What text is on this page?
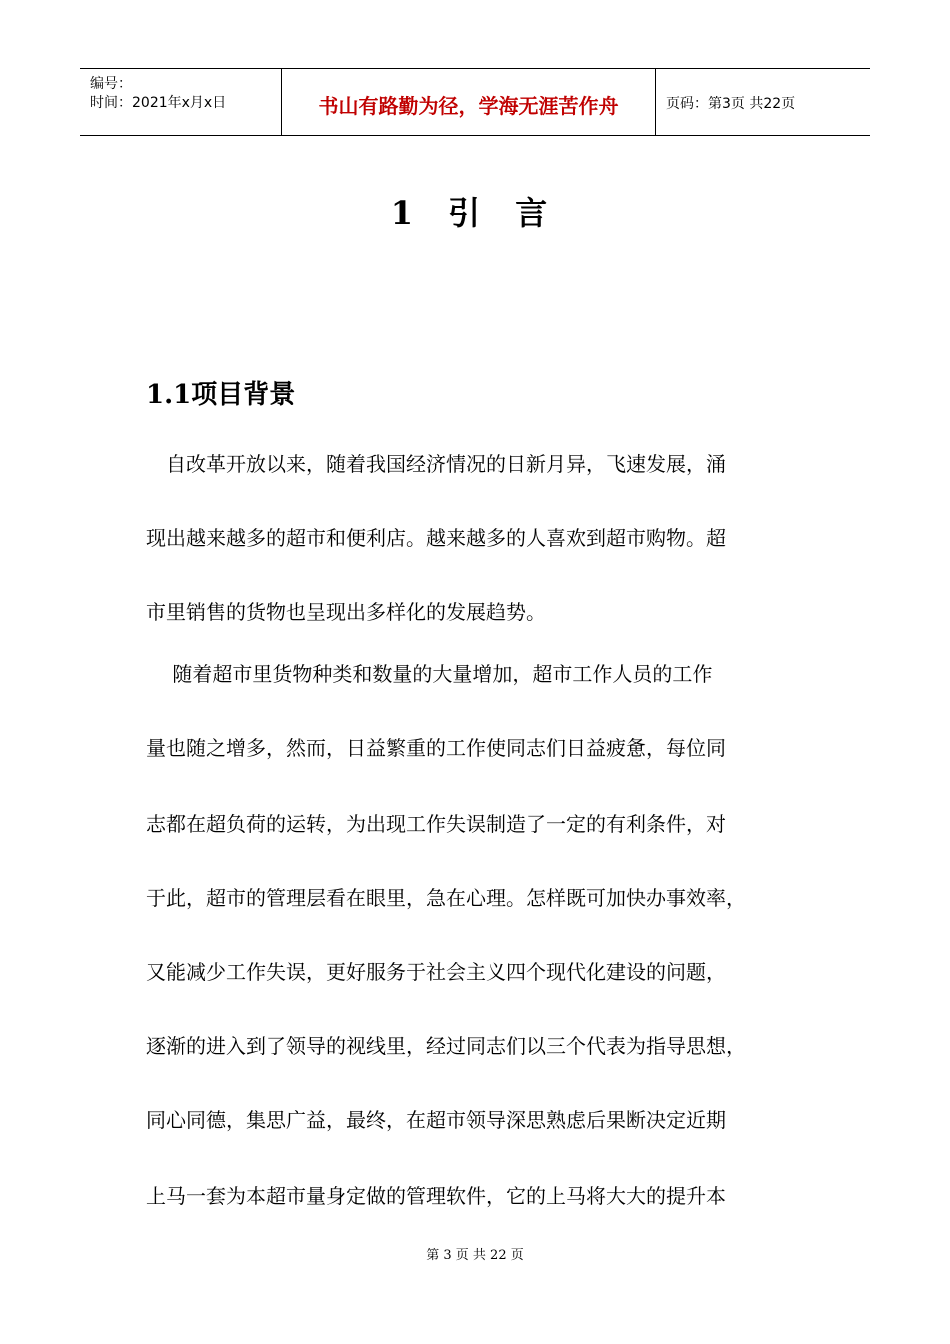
编号：
时间：2021年x月x日	书山有路勤为径，学海无涯苦作舟	页码：第3页 共22页
1 引 言
1.1项目背景
　自改革开放以来，随着我国经济情况的日新月异，飞速发展，涌
现出越来越多的超市和便利店。越来越多的人喜欢到超市购物。超
市里销售的货物也呈现出多样化的发展趋势。
　 随着超市里货物种类和数量的大量增加，超市工作人员的工作
量也随之增多，然而，日益繁重的工作使同志们日益疲惫，每位同
志都在超负荷的运转，为出现工作失误制造了一定的有利条件，对
于此，超市的管理层看在眼里，急在心理。怎样既可加快办事效率，
又能减少工作失误，更好服务于社会主义四个现代化建设的问题，
逐渐的进入到了领导的视线里，经过同志们以三个代表为指导思想，
同心同德，集思广益，最终，在超市领导深思熟虑后果断决定近期
上马一套为本超市量身定做的管理软件，它的上马将大大的提升本
第 3 页 共 22 页
